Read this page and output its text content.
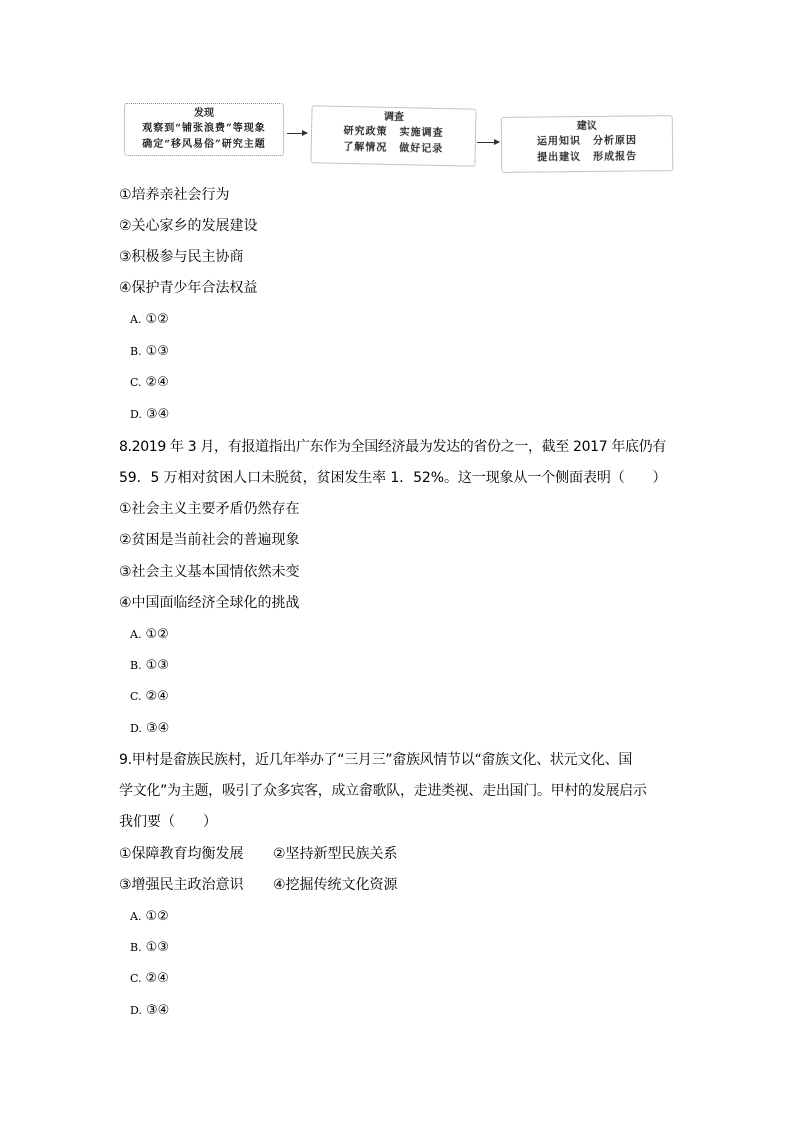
发现
观察到“铺张浪费”等现象
确定“移风易俗”研究主题
调查
研究政策 实施调查
了解情况 做好记录
建议
运用知识 分析原因
提出建议 形成报告
①培养亲社会行为
②关心家乡的发展建设
③积极参与民主协商
④保护青少年合法权益
A. ①②
B. ①③
C. ②④
D. ③④
8.2019 年 3 月，有报道指出广东作为全国经济最为发达的省份之一，截至 2017 年底仍有
59．5 万相对贫困人口未脱贫，贫困发生率 1．52%。这一现象从一个侧面表明（　　）
①社会主义主要矛盾仍然存在
②贫困是当前社会的普遍现象
③社会主义基本国情依然未变
④中国面临经济全球化的挑战
A. ①②
B. ①③
C. ②④
D. ③④
9.甲村是畲族民族村，近几年举办了“三月三”畲族风情节以“畲族文化、状元文化、国
学文化”为主题，吸引了众多宾客，成立畲歌队，走进类视、走出国门。甲村的发展启示
我们要（　　）
①保障教育均衡发展 ②坚持新型民族关系
③增强民主政治意识 ④挖掘传统文化资源
A. ①②
B. ①③
C. ②④
D. ③④
